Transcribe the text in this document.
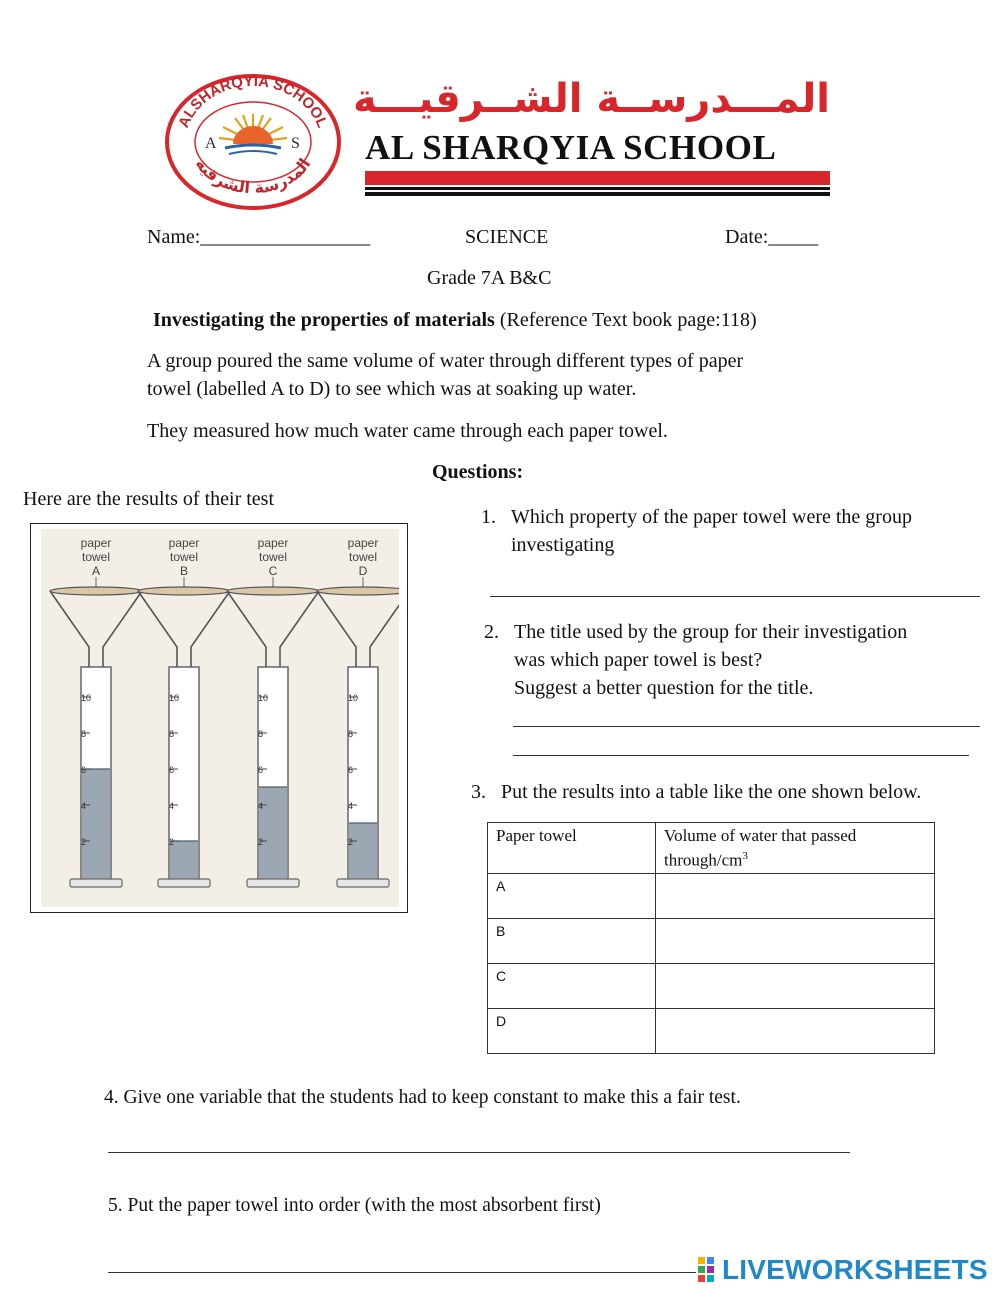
ALSHARQYIA SCHOOL
المدرسة الشرقية
A	S
المـــدرســة الشــرقيـــة
AL SHARQYIA SCHOOL
Name:_________________	SCIENCE	Date:_____
Grade 7A B&C
Investigating the properties of materials (Reference Text book page:118)
A group poured the same volume of water through different types of paper
towel (labelled A to D) to see which was at soaking up water.
They measured how much water came through each paper towel.
Questions:
Here are the results of their test
paper
towel
A
10
8
6
4
2
paper
towel
B
10
8
6
4
2
paper
towel
C
10
8
6
4
2
paper
towel
D
10
8
6
4
2
1. Which property of the paper towel were the group
investigating
2. The title used by the group for their investigation
was which paper towel is best?
Suggest a better question for the title.
3. Put the results into a table like the one shown below.
Paper towel	Volume of water that passed
through/$cm^3$
A	
B	
C	
D	
4. Give one variable that the students had to keep constant to make this a fair test.
5. Put the paper towel into order (with the most absorbent first)
LIVEWORKSHEETS
